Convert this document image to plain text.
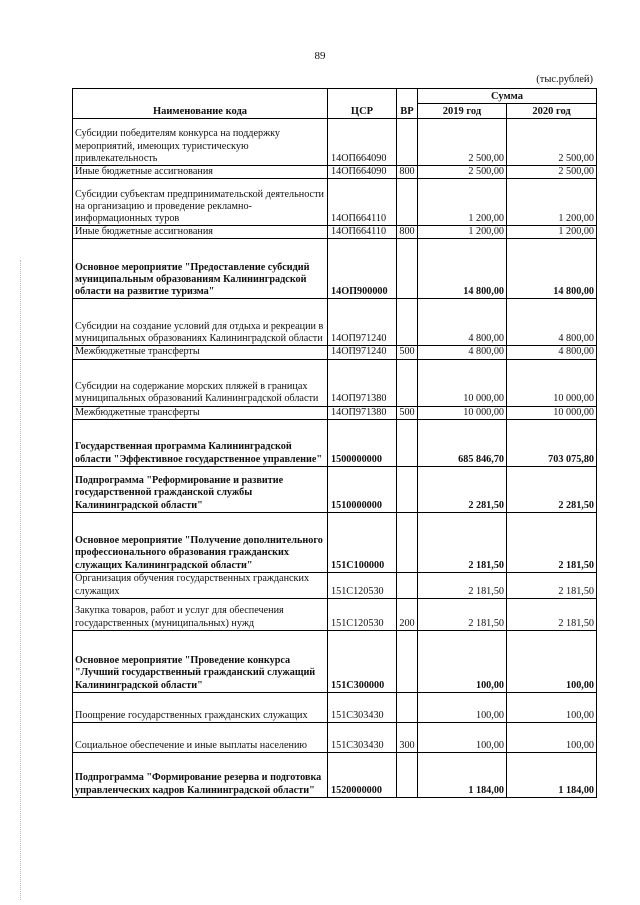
89
(тыс.рублей)
Наименование кода	ЦСР	ВР	Сумма	
			2019 год	2020 год
Субсидии победителям конкурса на поддержку мероприятий, имеющих туристическую привлекательность	14ОП664090		2 500,00	2 500,00
Иные бюджетные ассигнования	14ОП664090	800	2 500,00	2 500,00
Субсидии субъектам предпринимательской деятельности на организацию и проведение рекламно-информационных туров	14ОП664110		1 200,00	1 200,00
Иные бюджетные ассигнования	14ОП664110	800	1 200,00	1 200,00
Основное мероприятие "Предоставление субсидий муниципальным образованиям Калининградской области на развитие туризма"	14ОП900000		14 800,00	14 800,00
Субсидии на создание условий для отдыха и рекреации в муниципальных образованиях Калининградской области	14ОП971240		4 800,00	4 800,00
Межбюджетные трансферты	14ОП971240	500	4 800,00	4 800,00
Субсидии на содержание морских пляжей в границах муниципальных образований Калининградской области	14ОП971380		10 000,00	10 000,00
Межбюджетные трансферты	14ОП971380	500	10 000,00	10 000,00
Государственная программа Калининградской области "Эффективное государственное управление"	1500000000		685 846,70	703 075,80
Подпрограмма "Реформирование и развитие государственной гражданской службы Калининградской области"	1510000000		2 281,50	2 281,50
Основное мероприятие "Получение дополнительного профессионального образования гражданских служащих Калининградской области"	151С100000		2 181,50	2 181,50
Организация обучения государственных гражданских служащих	151С120530		2 181,50	2 181,50
Закупка товаров, работ и услуг для обеспечения государственных (муниципальных) нужд	151С120530	200	2 181,50	2 181,50
Основное мероприятие "Проведение конкурса "Лучший государственный гражданский служащий Калининградской области"	151С300000		100,00	100,00
Поощрение государственных гражданских служащих	151С303430		100,00	100,00
Социальное обеспечение и иные выплаты населению	151С303430	300	100,00	100,00
Подпрограмма "Формирование резерва и подготовка управленческих кадров Калининградской области"	1520000000		1 184,00	1 184,00
